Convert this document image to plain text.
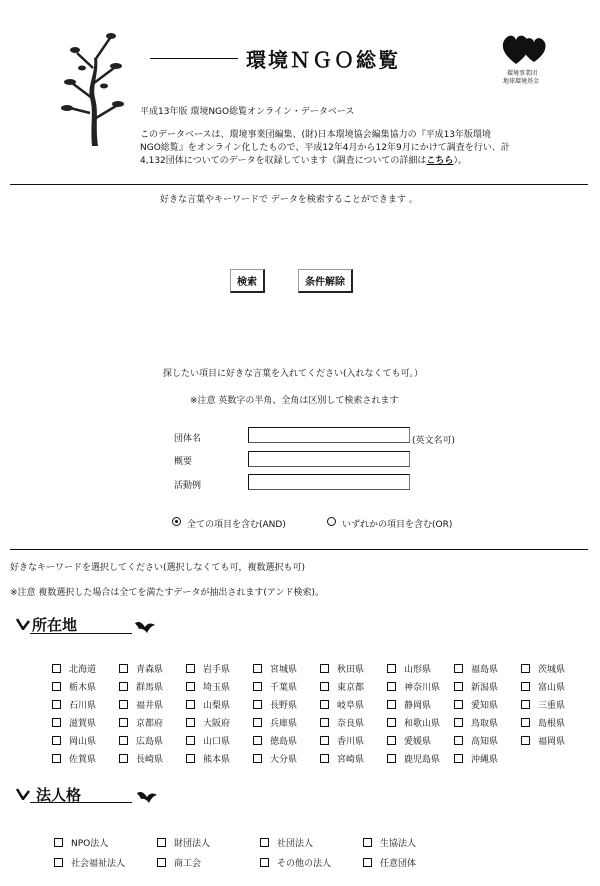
環境ＮＧＯ総覧
環境事業団
地球環境基金
平成13年版 環境NGO総覧オンライン・データベース
このデータベースは、環境事業団編集、(財)日本環境協会編集協力の『平成13年版環境
NGO総覧』をオンライン化したもので、平成12年4月から12年9月にかけて調査を行い、計
4,132団体についてのデータを収録しています（調査についての詳細はこちら）。
好きな言葉やキーワードで データを検索することができます 。
検索	条件解除
探したい項目に好きな言葉を入れてください(入れなくても可。）
※注意 英数字の半角、全角は区別して検索されます
団体名	(英文名可)
概要
活動例
全ての項目を含む(AND)	いずれかの項目を含む(OR)
好きなキーワードを選択してください(選択しなくても可，複数選択も可)
※注意 複数選択した場合は全てを満たすデータが抽出されます(アンド検索)。
所在地
北海道	青森県	岩手県	宮城県	秋田県	山形県	福島県	茨城県
栃木県	群馬県	埼玉県	千葉県	東京都	神奈川県	新潟県	富山県
石川県	福井県	山梨県	長野県	岐阜県	静岡県	愛知県	三重県
滋賀県	京都府	大阪府	兵庫県	奈良県	和歌山県	鳥取県	島根県
岡山県	広島県	山口県	徳島県	香川県	愛媛県	高知県	福岡県
佐賀県	長崎県	熊本県	大分県	宮崎県	鹿児島県	沖縄県
法人格
NPO法人	財団法人	社団法人	生協法人
社会福祉法人	商工会	その他の法人	任意団体
